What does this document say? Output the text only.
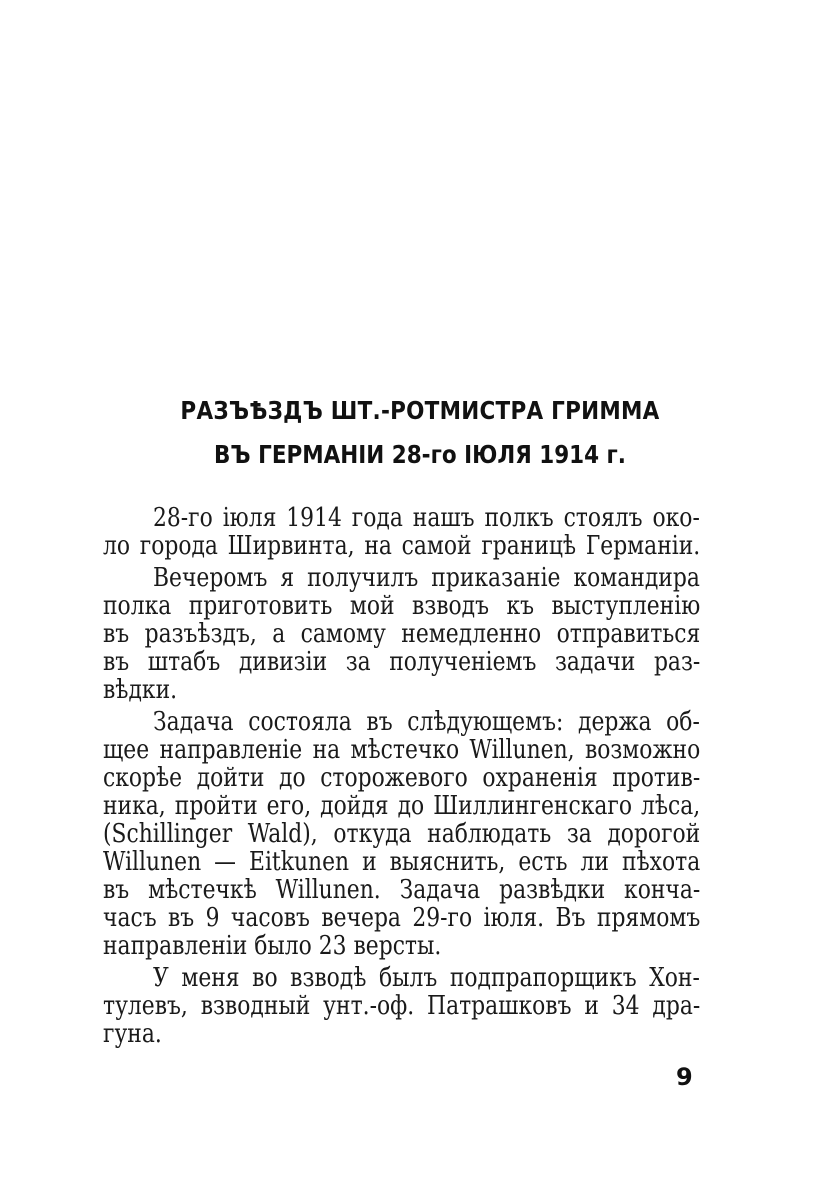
РАЗЪѢЗДЪ ШТ.-РОТМИСТРА ГРИММА
ВЪ ГЕРМАНІИ 28-го ІЮЛЯ 1914 г.
28-го іюля 1914 года нашъ полкъ стоялъ око-
ло города Ширвинта, на самой границѣ Германіи.
Вечеромъ я получилъ приказаніе командира
полка приготовить мой взводъ къ выступленію
въ разъѣздъ, а самому немедленно отправиться
въ штабъ дивизіи за полученіемъ задачи раз-
вѣдки.
Задача состояла въ слѣдующемъ: держа об-
щее направленіе на мѣстечко Willunen, возможно
скорѣе дойти до сторожевого охраненія против-
ника, пройти его, дойдя до Шиллингенскаго лѣса,
(Schillinger Wald), откуда наблюдать за дорогой
Willunen — Eitkunen и выяснить, есть ли пѣхота
въ мѣстечкѣ Willunen. Задача развѣдки конча-
часъ въ 9 часовъ вечера 29-го іюля. Въ прямомъ
направленіи было 23 версты.
У меня во взводѣ былъ подпрапорщикъ Хон-
тулевъ, взводный унт.-оф. Патрашковъ и 34 дра-
гуна.
9
